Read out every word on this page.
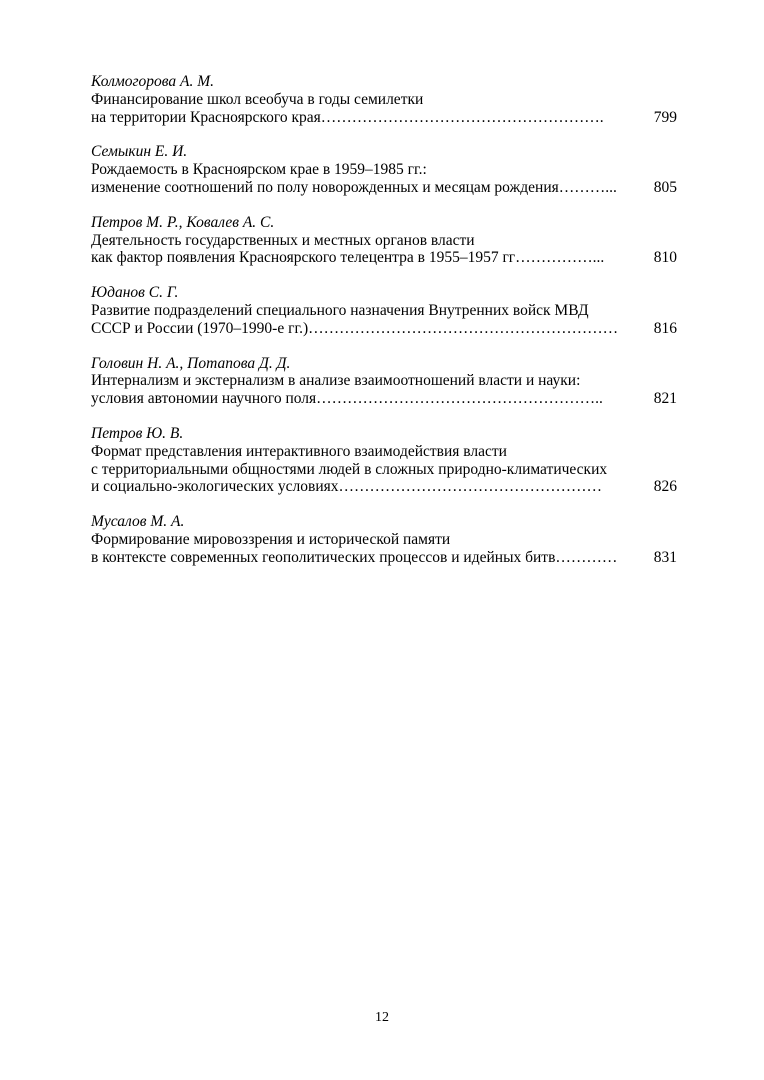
Колмогорова А. М.
Финансирование школ всеобуча в годы семилетки
на территории Красноярского края……………………………………………….	799
Семыкин Е. И.
Рождаемость в Красноярском крае в 1959–1985 гг.:
изменение соотношений по полу новорожденных и месяцам рождения………... 805
Петров М. Р., Ковалев А. С.
Деятельность государственных и местных органов власти
как фактор появления Красноярского телецентра в 1955–1957 гг……………...	810
Юданов С. Г.
Развитие подразделений специального назначения Внутренних войск МВД
СССР и России (1970–1990-е гг.)…………………………………………………… 816
Головин Н. А., Потапова Д. Д.
Интернализм и экстернализм в анализе взаимоотношений власти и науки:
условия автономии научного поля………………………………………………..	821
Петров Ю. В.
Формат представления интерактивного взаимодействия власти
с территориальными общностями людей в сложных природно-климатических
и социально-экологических условиях……………………………………………	826
Мусалов М. А.
Формирование мировоззрения и исторической памяти
в контексте современных геополитических процессов и идейных битв………… 831
12
